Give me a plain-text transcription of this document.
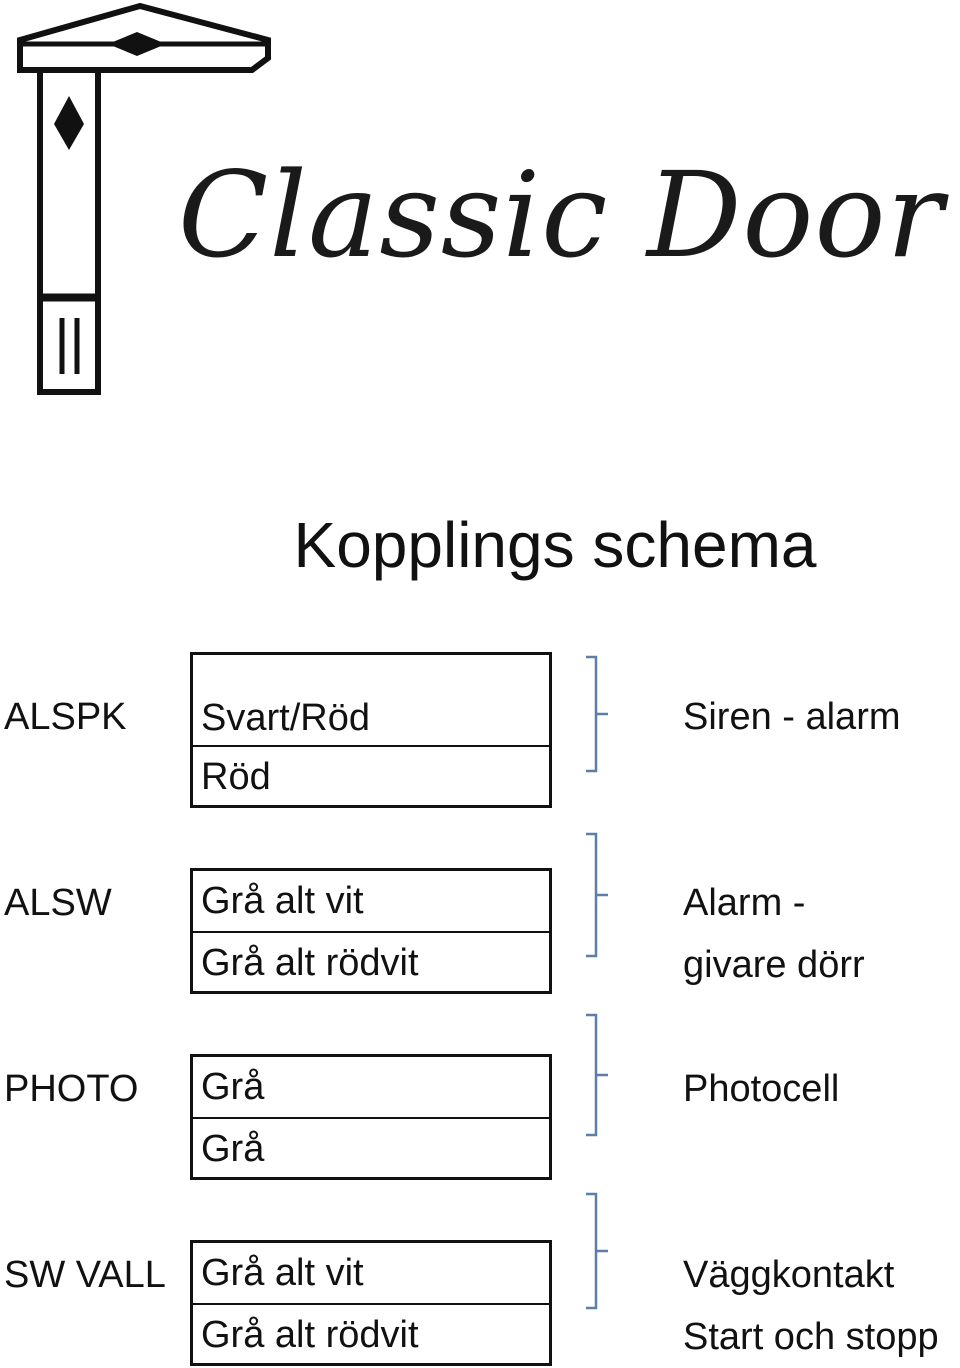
Classic Door
Kopplings schema
ALSPK Svart/Röd
Röd
Siren - alarm
ALSW Grå alt vit
Grå alt rödvit
Alarm -
givare dörr
PHOTO Grå
Grå
Photocell
SW VALL Grå alt vit
Grå alt rödvit
Väggkontakt
Start och stopp
